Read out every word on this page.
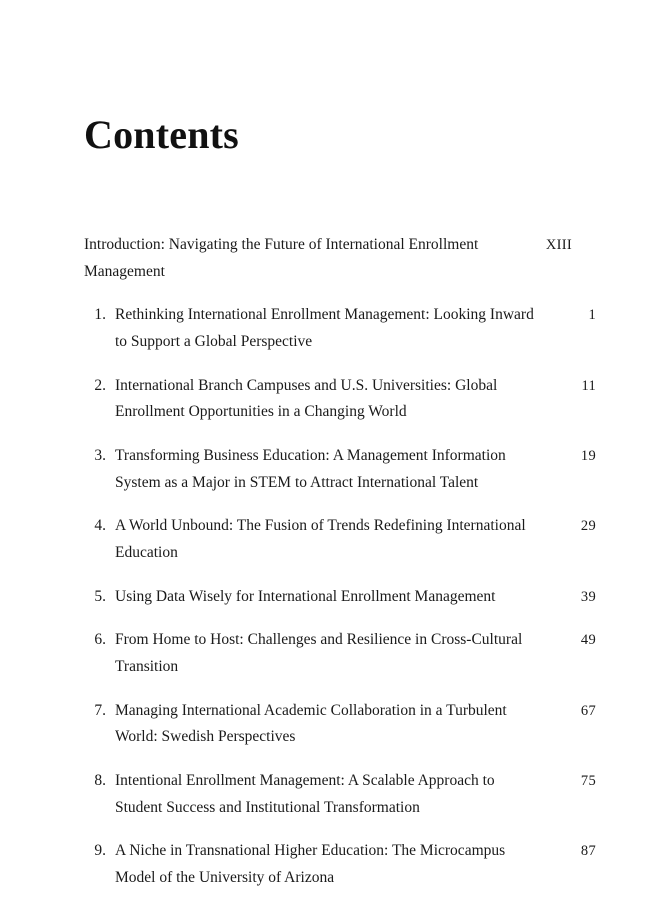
Contents
Introduction: Navigating the Future of International Enrollment Management
XIII
1. Rethinking International Enrollment Management: Looking Inward to Support a Global Perspective
1
2. International Branch Campuses and U.S. Universities: Global Enrollment Opportunities in a Changing World
11
3. Transforming Business Education: A Management Information System as a Major in STEM to Attract International Talent
19
4. A World Unbound: The Fusion of Trends Redefining International Education
29
5. Using Data Wisely for International Enrollment Management	39
6. From Home to Host: Challenges and Resilience in Cross-Cultural Transition
49
7. Managing International Academic Collaboration in a Turbulent World: Swedish Perspectives
67
8. Intentional Enrollment Management: A Scalable Approach to Student Success and Institutional Transformation
75
9. A Niche in Transnational Higher Education: The Microcampus Model of the University of Arizona
87
